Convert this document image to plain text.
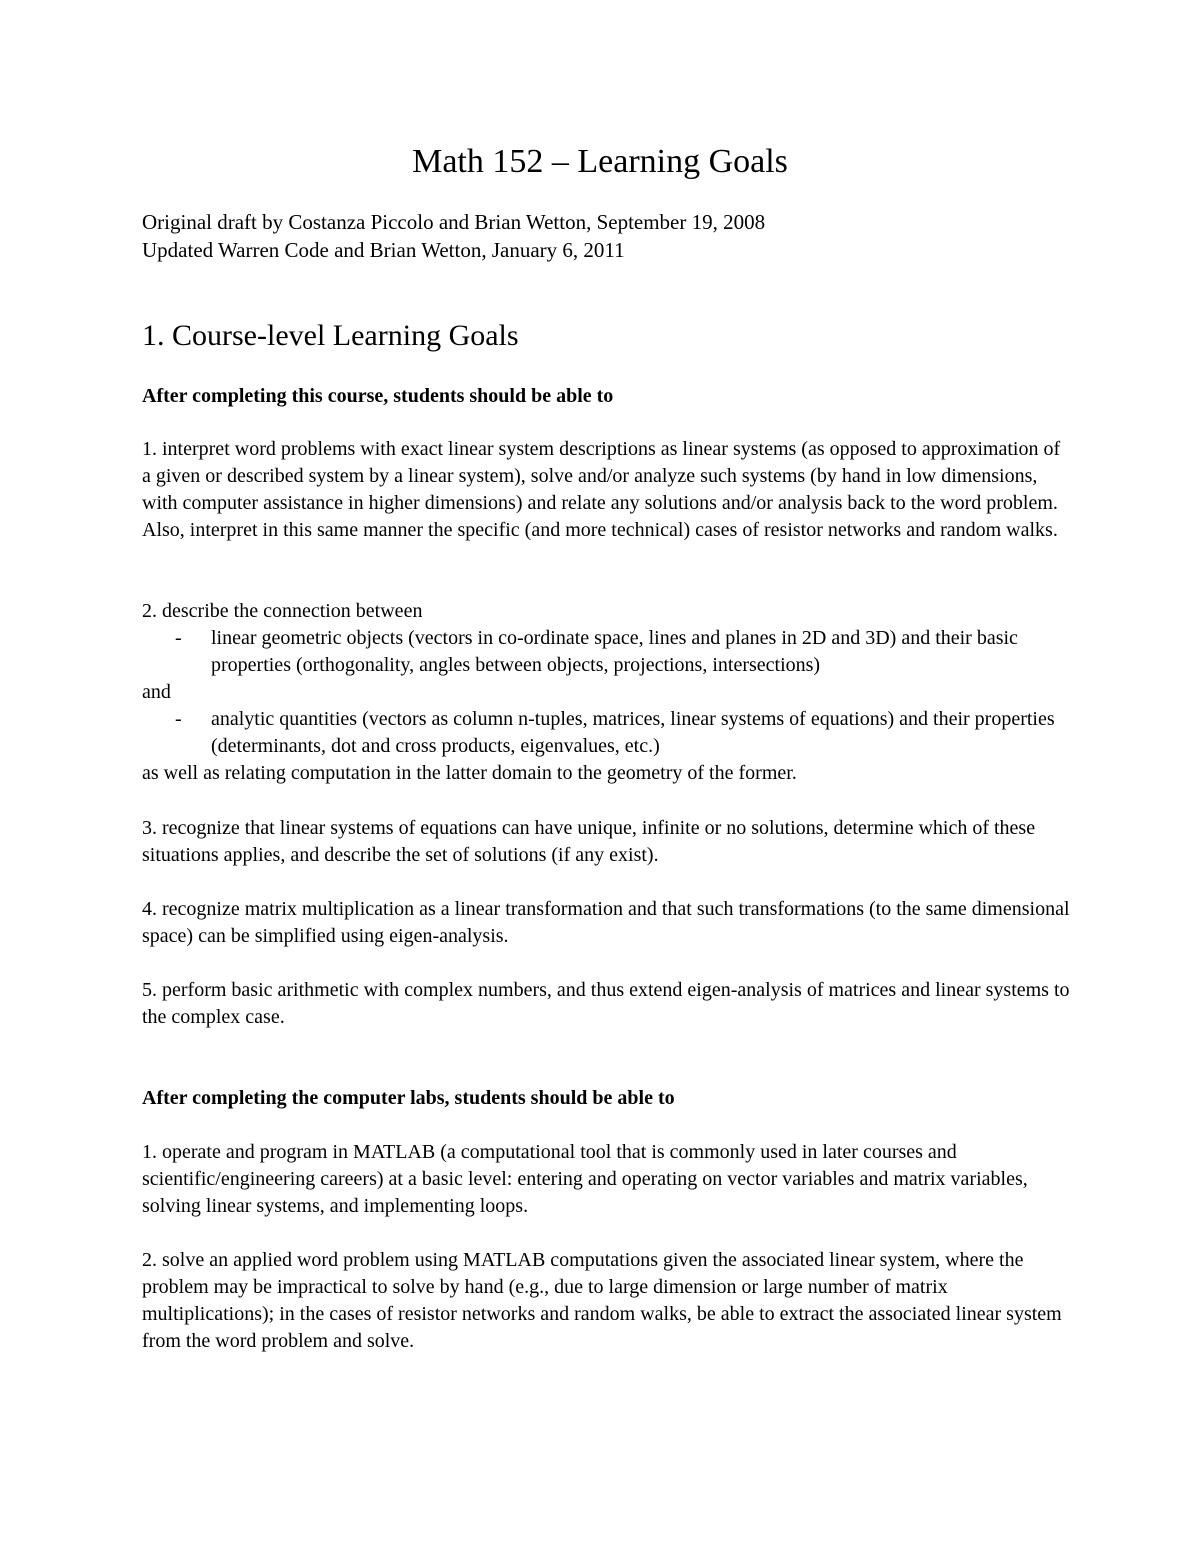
Math 152 – Learning Goals
Original draft by Costanza Piccolo and Brian Wetton, September 19, 2008
Updated Warren Code and Brian Wetton, January 6, 2011
1. Course-level Learning Goals
After completing this course, students should be able to

1. interpret word problems with exact linear system descriptions as linear systems (as opposed to approximation of a given or described system by a linear system), solve and/or analyze such systems (by hand in low dimensions, with computer assistance in higher dimensions) and relate any solutions and/or analysis back to the word problem. Also, interpret in this same manner the specific (and more technical) cases of resistor networks and random walks.

2. describe the connection between

- linear geometric objects (vectors in co-ordinate space, lines and planes in 2D and 3D) and their basic properties (orthogonality, angles between objects, projections, intersections)

and

- analytic quantities (vectors as column n-tuples, matrices, linear systems of equations) and their properties (determinants, dot and cross products, eigenvalues, etc.)

as well as relating computation in the latter domain to the geometry of the former.

3. recognize that linear systems of equations can have unique, infinite or no solutions, determine which of these situations applies, and describe the set of solutions (if any exist).

4. recognize matrix multiplication as a linear transformation and that such transformations (to the same dimensional space) can be simplified using eigen-analysis.

5. perform basic arithmetic with complex numbers, and thus extend eigen-analysis of matrices and linear systems to the complex case.

After completing the computer labs, students should be able to

1. operate and program in MATLAB (a computational tool that is commonly used in later courses and scientific/engineering careers) at a basic level: entering and operating on vector variables and matrix variables, solving linear systems, and implementing loops.

2. solve an applied word problem using MATLAB computations given the associated linear system, where the problem may be impractical to solve by hand (e.g., due to large dimension or large number of matrix multiplications); in the cases of resistor networks and random walks, be able to extract the associated linear system from the word problem and solve.
